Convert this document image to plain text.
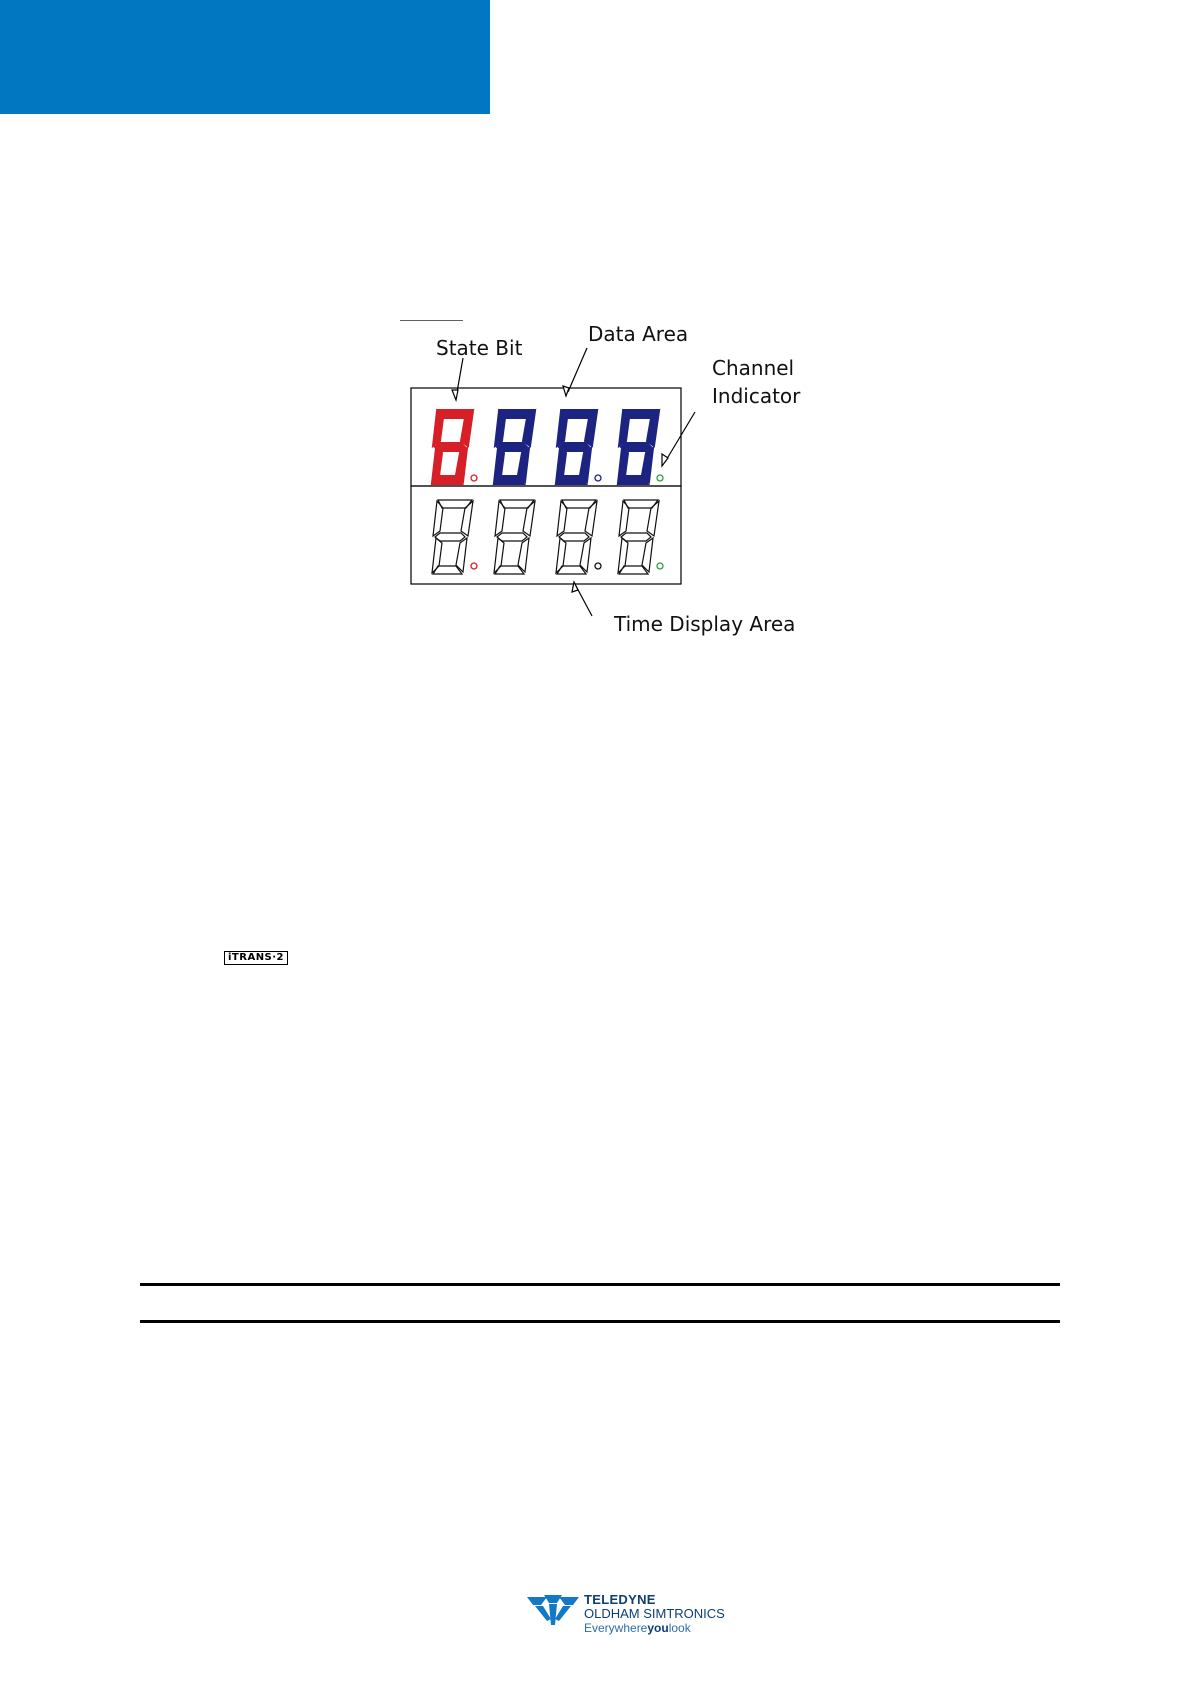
State Bit
Data Area
Channel Indicator
Time Display Area
iTRANS·2
TELEDYNE
OLDHAM SIMTRONICS
Everywhereyoulook
